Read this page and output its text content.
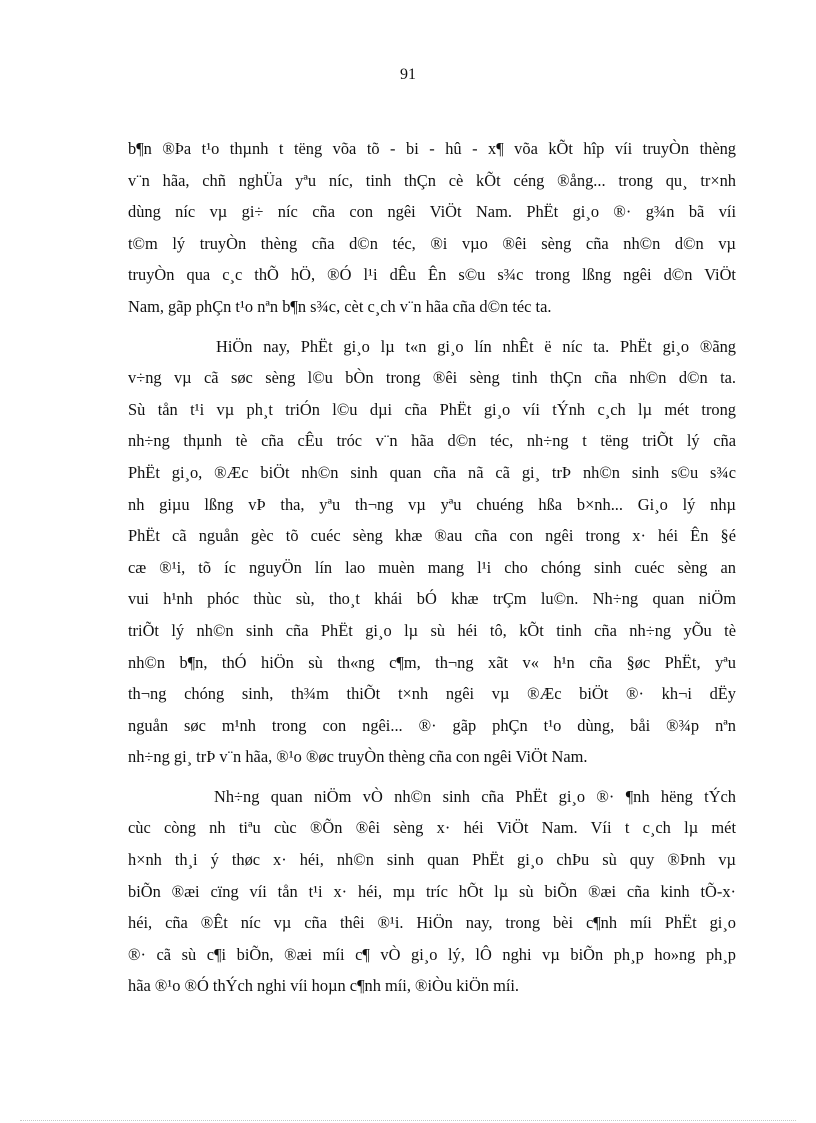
91
b¶n ®Þa t¹o thµnh t tëng võa tõ - bi - hû - x¶ võa kÕt hîp víi truyÒn thèng
v¨n hãa, chñ nghÜa yªu níc, tinh thÇn cè kÕt céng ®ång... trong qu¸ tr×nh
dùng níc vµ gi÷ níc cña con ngêi ViÖt Nam. PhËt gi¸o ®· g¾n bã víi
t©m lý truyÒn thèng cña d©n téc, ®i vµo ®êi sèng cña nh©n d©n vµ
truyÒn qua c¸c thÕ hÖ, ®Ó l¹i dÊu Ên s©u s¾c trong lßng ngêi d©n ViÖt
Nam, gãp phÇn t¹o nªn b¶n s¾c, cèt c¸ch v¨n hãa cña d©n téc ta.
HiÖn nay, PhËt gi¸o lµ t«n gi¸o lín nhÊt ë níc ta. PhËt gi¸o ®ãng
v÷ng vµ cã søc sèng l©u bÒn trong ®êi sèng tinh thÇn cña nh©n d©n ta.
Sù tån t¹i vµ ph¸t triÓn l©u dµi cña PhËt gi¸o víi tÝnh c¸ch lµ mét trong
nh÷ng thµnh tè cña cÊu tróc v¨n hãa d©n téc, nh÷ng t tëng triÕt lý cña
PhËt gi¸o, ®Æc biÖt nh©n sinh quan cña nã cã gi¸ trÞ nh©n sinh s©u s¾c
nh giµu lßng vÞ tha, yªu th¬ng vµ yªu chuéng hßa b×nh... Gi¸o lý nhµ
PhËt cã nguån gèc tõ cuéc sèng khæ ®au cña con ngêi trong x· héi Ên §é
cæ ®¹i, tõ íc nguyÖn lín lao muèn mang l¹i cho chóng sinh cuéc sèng an
vui h¹nh phóc thùc sù, tho¸t khái bÓ khæ trÇm lu©n. Nh÷ng quan niÖm
triÕt lý nh©n sinh cña PhËt gi¸o lµ sù héi tô, kÕt tinh cña nh÷ng yÕu tè
nh©n b¶n, thÓ hiÖn sù th«ng c¶m, th¬ng xãt v« h¹n cña §øc PhËt, yªu
th¬ng chóng sinh, th¾m thiÕt t×nh ngêi vµ ®Æc biÖt ®· kh¬i dËy
nguån søc m¹nh trong con ngêi... ®· gãp phÇn t¹o dùng, båi ®¾p nªn
nh÷ng gi¸ trÞ v¨n hãa, ®¹o ®øc truyÒn thèng cña con ngêi ViÖt Nam.
Nh÷ng quan niÖm vÒ nh©n sinh cña PhËt gi¸o ®· ¶nh hëng tÝch
cùc còng nh tiªu cùc ®Õn ®êi sèng x· héi ViÖt Nam. Víi t c¸ch lµ mét
h×nh th¸i ý thøc x· héi, nh©n sinh quan PhËt gi¸o chÞu sù quy ®Þnh vµ
biÕn ®æi cïng víi tån t¹i x· héi, mµ tríc hÕt lµ sù biÕn ®æi cña kinh tÕ-x·
héi, cña ®Êt níc vµ cña thêi ®¹i. HiÖn nay, trong bèi c¶nh míi PhËt gi¸o
®· cã sù c¶i biÕn, ®æi míi c¶ vÒ gi¸o lý, lÔ nghi vµ biÕn ph¸p ho»ng ph¸p
hãa ®¹o ®Ó thÝch nghi víi hoµn c¶nh míi, ®iÒu kiÖn míi.
